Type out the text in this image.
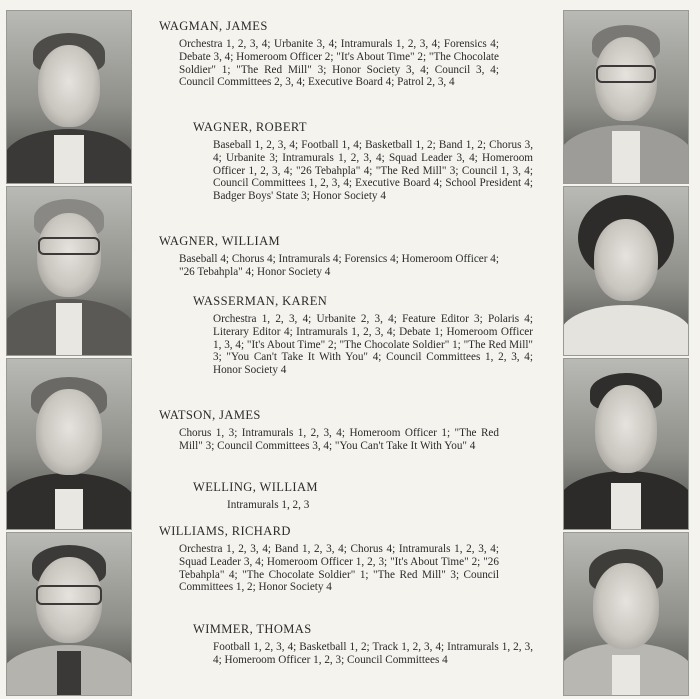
WAGMAN, JAMES
Orchestra 1, 2, 3, 4; Urbanite 3, 4; Intramurals 1, 2, 3, 4; Forensics 4; Debate 3, 4; Homeroom Officer 2; "It's About Time" 2; "The Chocolate Soldier" 1; "The Red Mill" 3; Honor Society 3, 4; Council 3, 4; Council Committees 2, 3, 4; Executive Board 4; Patrol 2, 3, 4
WAGNER, ROBERT
Baseball 1, 2, 3, 4; Football 1, 4; Basketball 1, 2; Band 1, 2; Chorus 3, 4; Urbanite 3; Intramurals 1, 2, 3, 4; Squad Leader 3, 4; Homeroom Officer 1, 2, 3, 4; "26 Tebahpla" 4; "The Red Mill" 3; Council 1, 3, 4; Council Committees 1, 2, 3, 4; Executive Board 4; School President 4; Badger Boys' State 3; Honor Society 4
WAGNER, WILLIAM
Baseball 4; Chorus 4; Intramurals 4; Forensics 4; Homeroom Officer 4; "26 Tebahpla" 4; Honor Society 4
WASSERMAN, KAREN
Orchestra 1, 2, 3, 4; Urbanite 2, 3, 4; Feature Editor 3; Polaris 4; Literary Editor 4; Intramurals 1, 2, 3, 4; Debate 1; Homeroom Officer 1, 3, 4; "It's About Time" 2; "The Chocolate Soldier" 1; "The Red Mill" 3; "You Can't Take It With You" 4; Council Committees 1, 2, 3, 4; Honor Society 4
WATSON, JAMES
Chorus 1, 3; Intramurals 1, 2, 3, 4; Homeroom Officer 1; "The Red Mill" 3; Council Committees 3, 4; "You Can't Take It With You" 4
WELLING, WILLIAM
Intramurals 1, 2, 3
WILLIAMS, RICHARD
Orchestra 1, 2, 3, 4; Band 1, 2, 3, 4; Chorus 4; Intramurals 1, 2, 3, 4; Squad Leader 3, 4; Homeroom Officer 1, 2, 3; "It's About Time" 2; "26 Tebahpla" 4; "The Chocolate Soldier" 1; "The Red Mill" 3; Council Committees 1, 2; Honor Society 4
WIMMER, THOMAS
Football 1, 2, 3, 4; Basketball 1, 2; Track 1, 2, 3, 4; Intramurals 1, 2, 3, 4; Homeroom Officer 1, 2, 3; Council Committees 4
